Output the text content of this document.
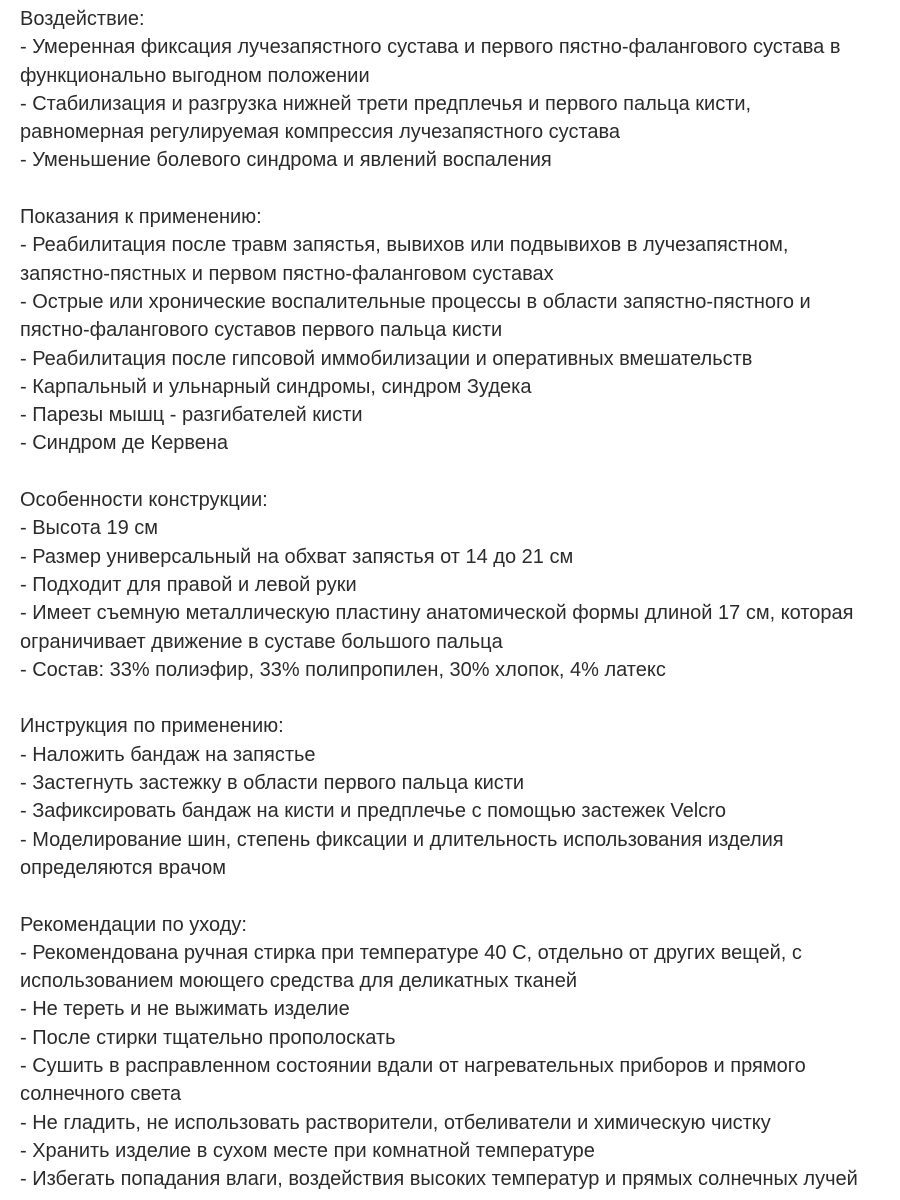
Воздействие:
- Умеренная фиксация лучезапястного сустава и первого пястно-фалангового сустава в
функционально выгодном положении
- Стабилизация и разгрузка нижней трети предплечья и первого пальца кисти,
равномерная регулируемая компрессия лучезапястного сустава
- Уменьшение болевого синдрома и явлений воспаления
Показания к применению:
- Реабилитация после травм запястья, вывихов или подвывихов в лучезапястном,
запястно-пястных и первом пястно-фаланговом суставах
- Острые или хронические воспалительные процессы в области запястно-пястного и
пястно-фалангового суставов первого пальца кисти
- Реабилитация после гипсовой иммобилизации и оперативных вмешательств
- Карпальный и ульнарный синдромы, синдром Зудека
- Парезы мышц - разгибателей кисти
- Синдром де Кервена
Особенности конструкции:
- Высота 19 см
- Размер универсальный на обхват запястья от 14 до 21 см
- Подходит для правой и левой руки
- Имеет съемную металлическую пластину анатомической формы длиной 17 см, которая
ограничивает движение в суставе большого пальца
- Состав: 33% полиэфир, 33% полипропилен, 30% хлопок, 4% латекс
Инструкция по применению:
- Наложить бандаж на запястье
- Застегнуть застежку в области первого пальца кисти
- Зафиксировать бандаж на кисти и предплечье с помощью застежек Velcro
- Моделирование шин, степень фиксации и длительность использования изделия
определяются врачом
Рекомендации по уходу:
- Рекомендована ручная стирка при температуре 40 С, отдельно от других вещей, с
использованием моющего средства для деликатных тканей
- Не тереть и не выжимать изделие
- После стирки тщательно прополоскать
- Сушить в расправленном состоянии вдали от нагревательных приборов и прямого
солнечного света
- Не гладить, не использовать растворители, отбеливатели и химическую чистку
- Хранить изделие в сухом месте при комнатной температуре
- Избегать попадания влаги, воздействия высоких температур и прямых солнечных лучей
